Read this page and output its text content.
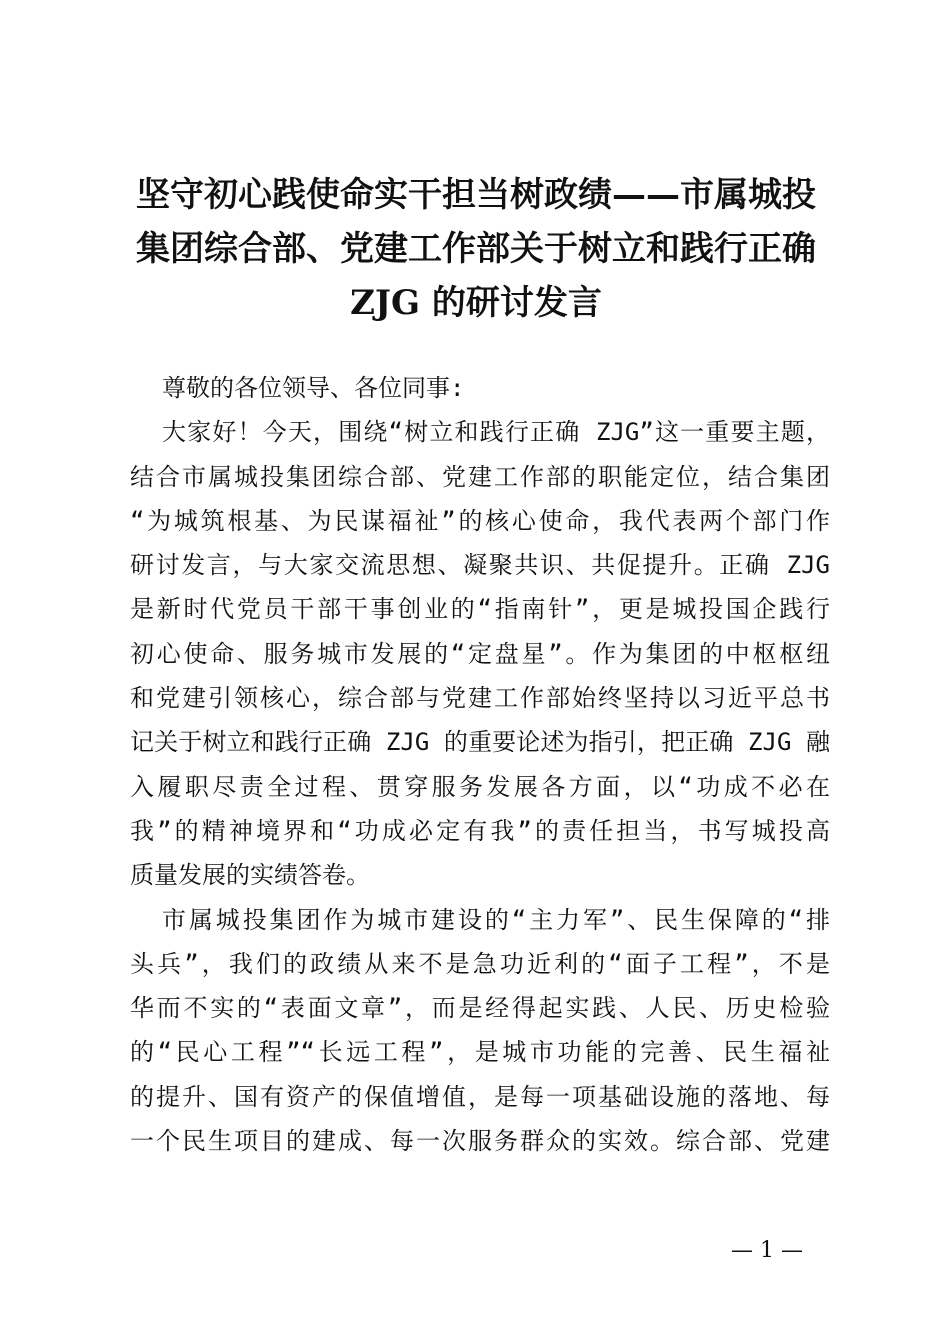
坚守初心践使命实干担当树政绩——市属城投
集团综合部、党建工作部关于树立和践行正确
ZJG 的研讨发言
尊敬的各位领导、各位同事:
大家好！今天，围绕“树立和践行正确 ZJG”这一重要主题，
结合市属城投集团综合部、党建工作部的职能定位，结合集团
“为城筑根基、为民谋福祉”的核心使命，我代表两个部门作
研讨发言，与大家交流思想、凝聚共识、共促提升。正确 ZJG
是新时代党员干部干事创业的“指南针”，更是城投国企践行
初心使命、服务城市发展的“定盘星”。作为集团的中枢枢纽
和党建引领核心，综合部与党建工作部始终坚持以习近平总书
记关于树立和践行正确 ZJG 的重要论述为指引，把正确 ZJG 融
入履职尽责全过程、贯穿服务发展各方面，以“功成不必在
我”的精神境界和“功成必定有我”的责任担当，书写城投高
质量发展的实绩答卷。
市属城投集团作为城市建设的“主力军”、民生保障的“排
头兵”，我们的政绩从来不是急功近利的“面子工程”，不是
华而不实的“表面文章”，而是经得起实践、人民、历史检验
的“民心工程”“长远工程”，是城市功能的完善、民生福祉
的提升、国有资产的保值增值，是每一项基础设施的落地、每
一个民生项目的建成、每一次服务群众的实效。综合部、党建
— 1 —
